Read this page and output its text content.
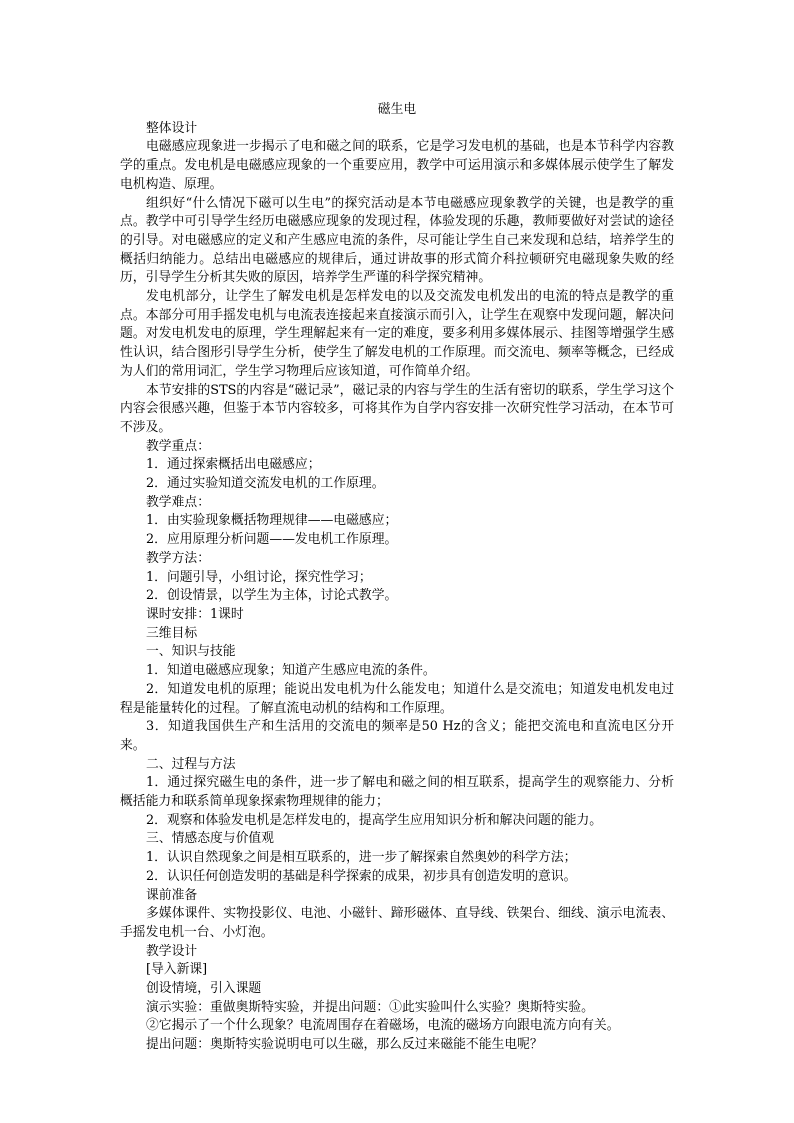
磁生电

整体设计

电磁感应现象进一步揭示了电和磁之间的联系，它是学习发电机的基础，也是本节科学内容教学的重点。发电机是电磁感应现象的一个重要应用，教学中可运用演示和多媒体展示使学生了解发电机构造、原理。

组织好“什么情况下磁可以生电”的探究活动是本节电磁感应现象教学的关键，也是教学的重点。教学中可引导学生经历电磁感应现象的发现过程，体验发现的乐趣，教师要做好对尝试的途径的引导。对电磁感应的定义和产生感应电流的条件，尽可能让学生自己来发现和总结，培养学生的概括归纳能力。总结出电磁感应的规律后，通过讲故事的形式简介科拉顿研究电磁现象失败的经历，引导学生分析其失败的原因，培养学生严谨的科学探究精神。

发电机部分，让学生了解发电机是怎样发电的以及交流发电机发出的电流的特点是教学的重点。本部分可用手摇发电机与电流表连接起来直接演示而引入，让学生在观察中发现问题，解决问题。对发电机发电的原理，学生理解起来有一定的难度，要多利用多媒体展示、挂图等增强学生感性认识，结合图形引导学生分析，使学生了解发电机的工作原理。而交流电、频率等概念，已经成为人们的常用词汇，学生学习物理后应该知道，可作简单介绍。

本节安排的STS的内容是“磁记录”，磁记录的内容与学生的生活有密切的联系，学生学习这个内容会很感兴趣，但鉴于本节内容较多，可将其作为自学内容安排一次研究性学习活动，在本节可不涉及。

教学重点：

1．通过探索概括出电磁感应；

2．通过实验知道交流发电机的工作原理。

教学难点：

1．由实验现象概括物理规律——电磁感应；

2．应用原理分析问题——发电机工作原理。

教学方法：

1．问题引导，小组讨论，探究性学习；

2．创设情景，以学生为主体，讨论式教学。

课时安排：1课时

三维目标

一、知识与技能

1．知道电磁感应现象；知道产生感应电流的条件。

2．知道发电机的原理；能说出发电机为什么能发电；知道什么是交流电；知道发电机发电过程是能量转化的过程。了解直流电动机的结构和工作原理。

3．知道我国供生产和生活用的交流电的频率是50 Hz的含义；能把交流电和直流电区分开来。

二、过程与方法

1．通过探究磁生电的条件，进一步了解电和磁之间的相互联系，提高学生的观察能力、分析概括能力和联系简单现象探索物理规律的能力；

2．观察和体验发电机是怎样发电的，提高学生应用知识分析和解决问题的能力。

三、情感态度与价值观

1．认识自然现象之间是相互联系的，进一步了解探索自然奥妙的科学方法；

2．认识任何创造发明的基础是科学探索的成果，初步具有创造发明的意识。

课前准备

多媒体课件、实物投影仪、电池、小磁针、蹄形磁体、直导线、铁架台、细线、演示电流表、手摇发电机一台、小灯泡。

教学设计

[导入新课]

创设情境，引入课题

演示实验：重做奥斯特实验，并提出问题：①此实验叫什么实验？奥斯特实验。

②它揭示了一个什么现象？电流周围存在着磁场，电流的磁场方向跟电流方向有关。

提出问题：奥斯特实验说明电可以生磁，那么反过来磁能不能生电呢？
